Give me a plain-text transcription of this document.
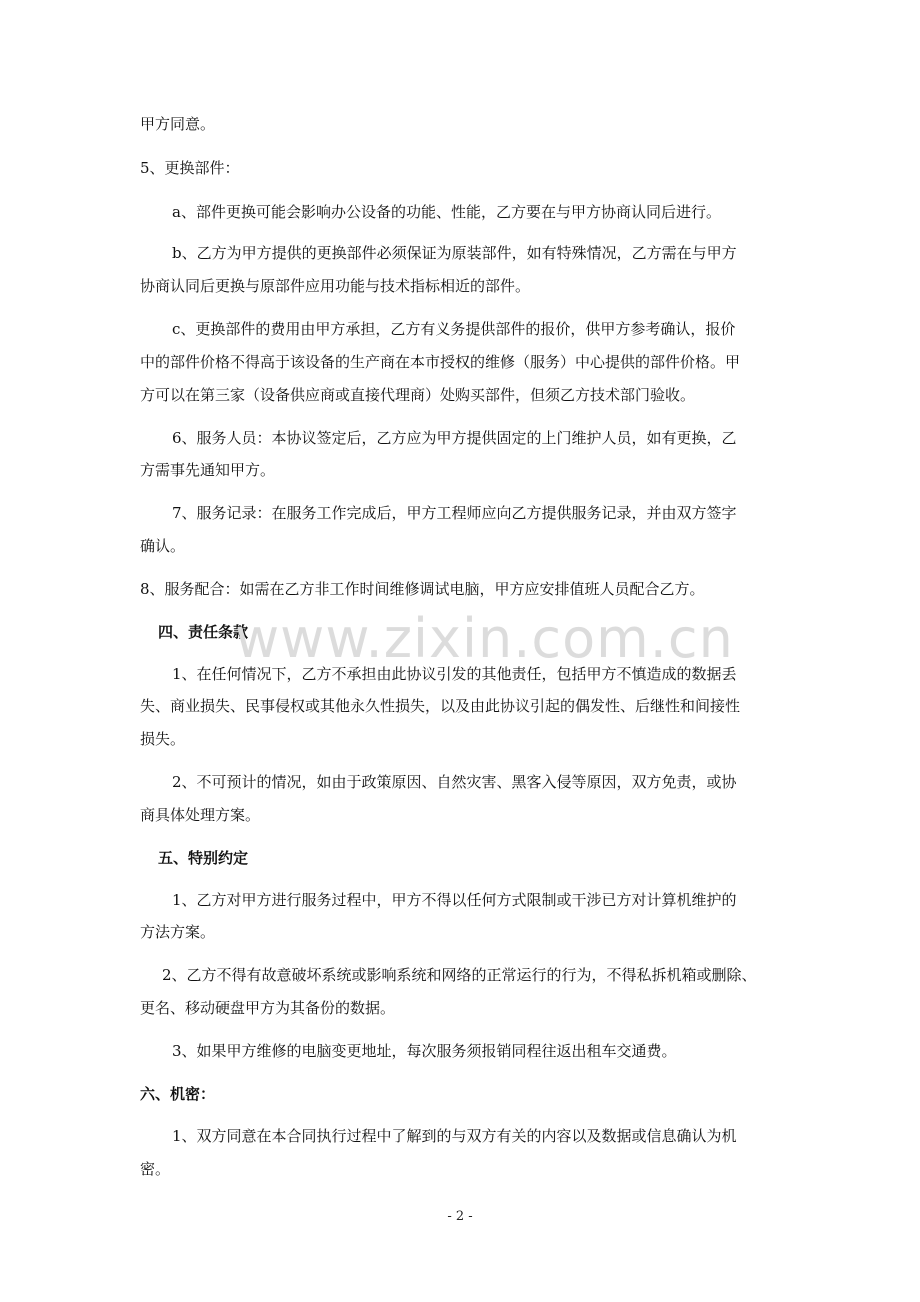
甲方同意。
5、更换部件：
a、部件更换可能会影响办公设备的功能、性能，乙方要在与甲方协商认同后进行。
b、乙方为甲方提供的更换部件必须保证为原装部件，如有特殊情况，乙方需在与甲方
协商认同后更换与原部件应用功能与技术指标相近的部件。
c、更换部件的费用由甲方承担，乙方有义务提供部件的报价，供甲方参考确认，报价
中的部件价格不得高于该设备的生产商在本市授权的维修（服务）中心提供的部件价格。甲
方可以在第三家（设备供应商或直接代理商）处购买部件，但须乙方技术部门验收。
6、服务人员：本协议签定后，乙方应为甲方提供固定的上门维护人员，如有更换，乙
方需事先通知甲方。
7、服务记录：在服务工作完成后，甲方工程师应向乙方提供服务记录，并由双方签字
确认。
8、服务配合：如需在乙方非工作时间维修调试电脑，甲方应安排值班人员配合乙方。
四、责任条款
1、在任何情况下，乙方不承担由此协议引发的其他责任，包括甲方不慎造成的数据丢
失、商业损失、民事侵权或其他永久性损失，以及由此协议引起的偶发性、后继性和间接性
损失。
2、不可预计的情况，如由于政策原因、自然灾害、黑客入侵等原因，双方免责，或协
商具体处理方案。
五、特别约定
1、乙方对甲方进行服务过程中，甲方不得以任何方式限制或干涉已方对计算机维护的
方法方案。
2、乙方不得有故意破坏系统或影响系统和网络的正常运行的行为，不得私拆机箱或删除、
更名、移动硬盘甲方为其备份的数据。
3、如果甲方维修的电脑变更地址，每次服务须报销同程往返出租车交通费。
六、机密：
1、双方同意在本合同执行过程中了解到的与双方有关的内容以及数据或信息确认为机
密。
www.zixin.com.cn
- 2 -
